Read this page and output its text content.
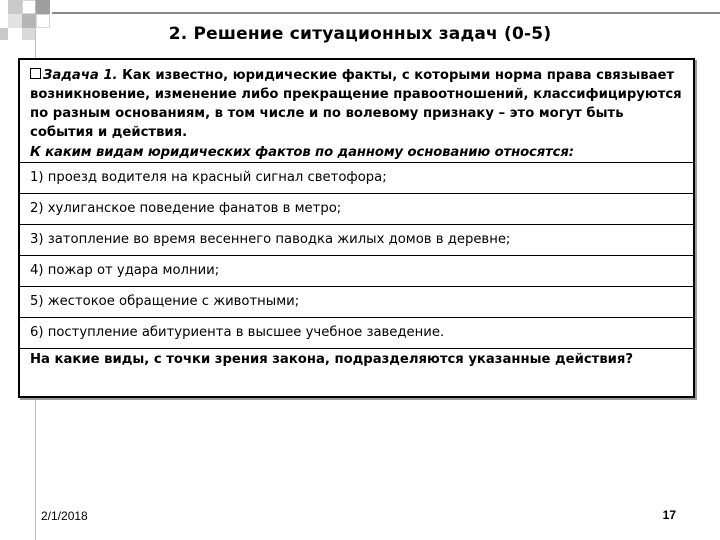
2. Решение ситуационных задач (0-5)

Задача 1. Как известно, юридические факты, с которыми норма права связывает возникновение, изменение либо прекращение правоотношений, классифицируются по разным основаниям, в том числе и по волевому признаку – это могут быть события и действия.

К каким видам юридических фактов по данному основанию относятся:

1) проезд водителя на красный сигнал светофора;
2) хулиганское поведение фанатов в метро;
3) затопление во время весеннего паводка жилых домов в деревне;
4) пожар от удара молнии;
5) жестокое обращение с животными;
6) поступление абитуриента в высшее учебное заведение.
На какие виды, с точки зрения закона, подразделяются указанные действия?
2/1/2018	17
